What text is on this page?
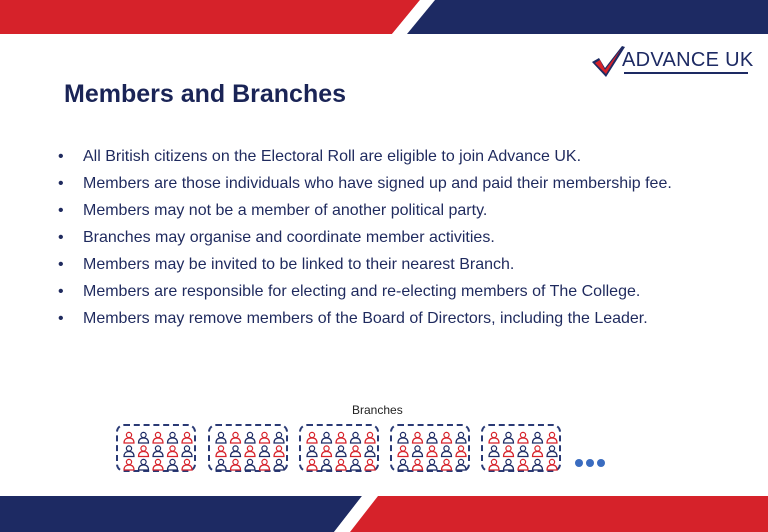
ADVANCE UK
Members and Branches
• All British citizens on the Electoral Roll are eligible to join Advance UK.
• Members are those individuals who have signed up and paid their membership fee.
• Members may not be a member of another political party.
• Branches may organise and coordinate member activities.
• Members may be invited to be linked to their nearest Branch.
• Members are responsible for electing and re-electing members of The College.
• Members may remove members of the Board of Directors, including the Leader.
Branches
